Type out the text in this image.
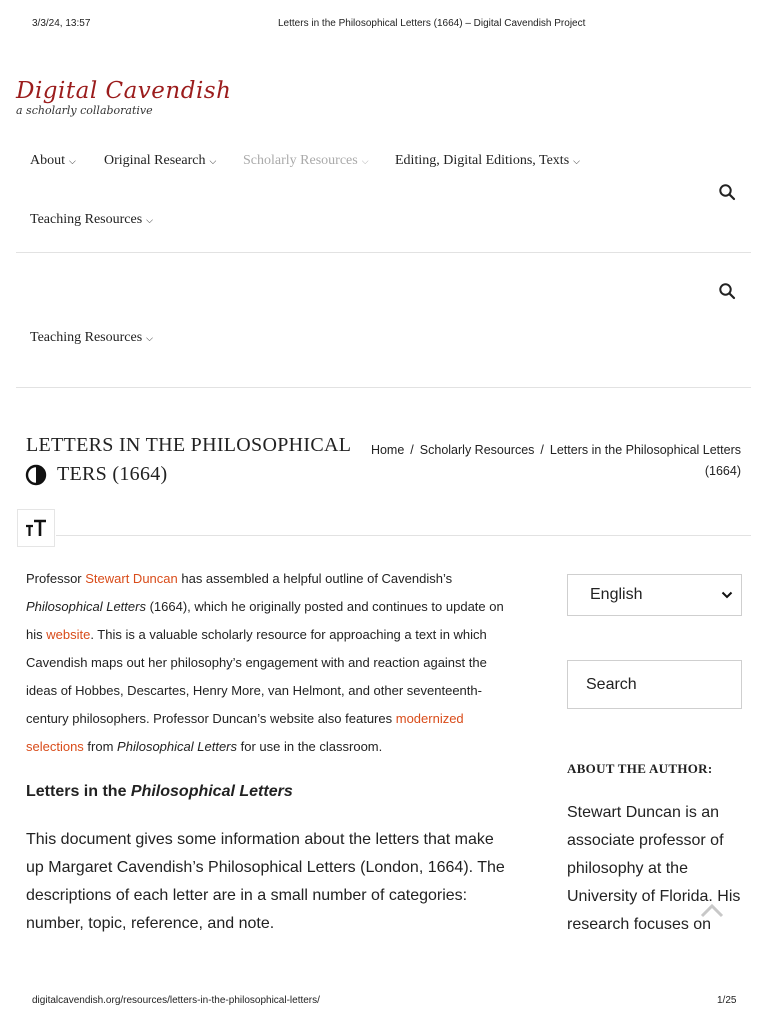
3/3/24, 13:57	Letters in the Philosophical Letters (1664) – Digital Cavendish Project
Digital Cavendish
a scholarly collaborative
About ⌵ Original Research ⌵ Scholarly Resources ⌵ Editing, Digital Editions, Texts ⌵
Teaching Resources ⌵
Teaching Resources ⌵
LETTERS IN THE PHILOSOPHICAL
TERS (1664)
Home / Scholarly Resources / Letters in the Philosophical Letters
(1664)
Professor Stewart Duncan has assembled a helpful outline of Cavendish’s
Philosophical Letters (1664), which he originally posted and continues to update on
his website. This is a valuable scholarly resource for approaching a text in which
Cavendish maps out her philosophy’s engagement with and reaction against the
ideas of Hobbes, Descartes, Henry More, van Helmont, and other seventeenth-
century philosophers. Professor Duncan’s website also features modernized
selections from Philosophical Letters for use in the classroom.
Letters in the Philosophical Letters
This document gives some information about the letters that make
up Margaret Cavendish’s Philosophical Letters (London, 1664). The
descriptions of each letter are in a small number of categories:
number, topic, reference, and note.
English
Search
ABOUT THE AUTHOR:
Stewart Duncan is an
associate professor of
philosophy at the
University of Florida. His
research focuses on
digitalcavendish.org/resources/letters-in-the-philosophical-letters/	1/25
